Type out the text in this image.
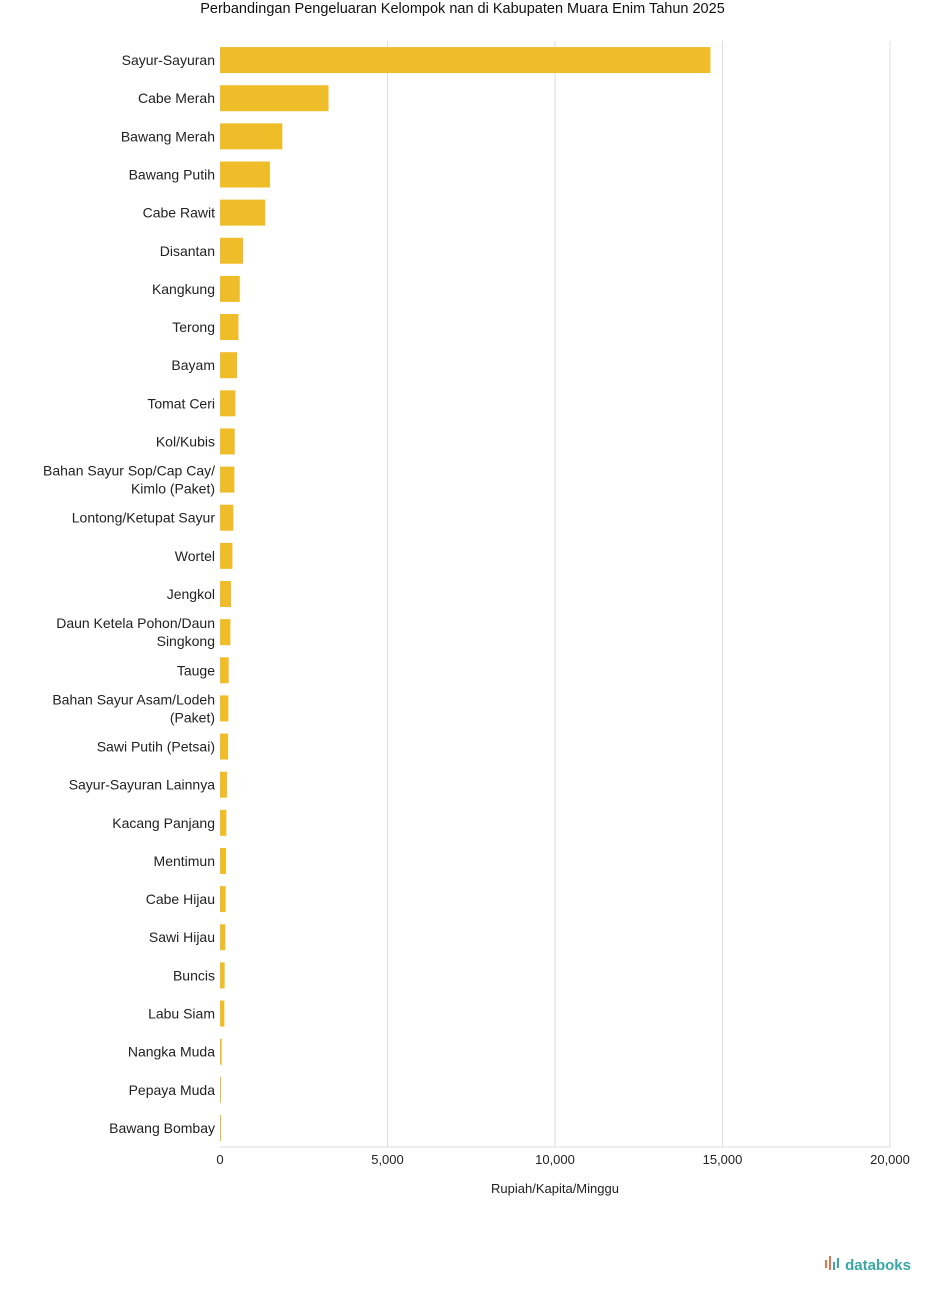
Perbandingan Pengeluaran Kelompok nan di Kabupaten Muara Enim Tahun 2025
Sayur-Sayuran
Cabe Merah
Bawang Merah
Bawang Putih
Cabe Rawit
Disantan
Kangkung
Terong
Bayam
Tomat Ceri
Kol/Kubis
Bahan Sayur Sop/Cap Cay/ Kimlo (Paket)
Lontong/Ketupat Sayur
Wortel
Jengkol
Daun Ketela Pohon/Daun Singkong
Tauge
Bahan Sayur Asam/Lodeh (Paket)
Sawi Putih (Petsai)
Sayur-Sayuran Lainnya
Kacang Panjang
Mentimun
Cabe Hijau
Sawi Hijau
Buncis
Labu Siam
Nangka Muda
Pepaya Muda
Bawang Bombay
0	5,000	10,000	15,000	20,000
Rupiah/Kapita/Minggu
databoks
